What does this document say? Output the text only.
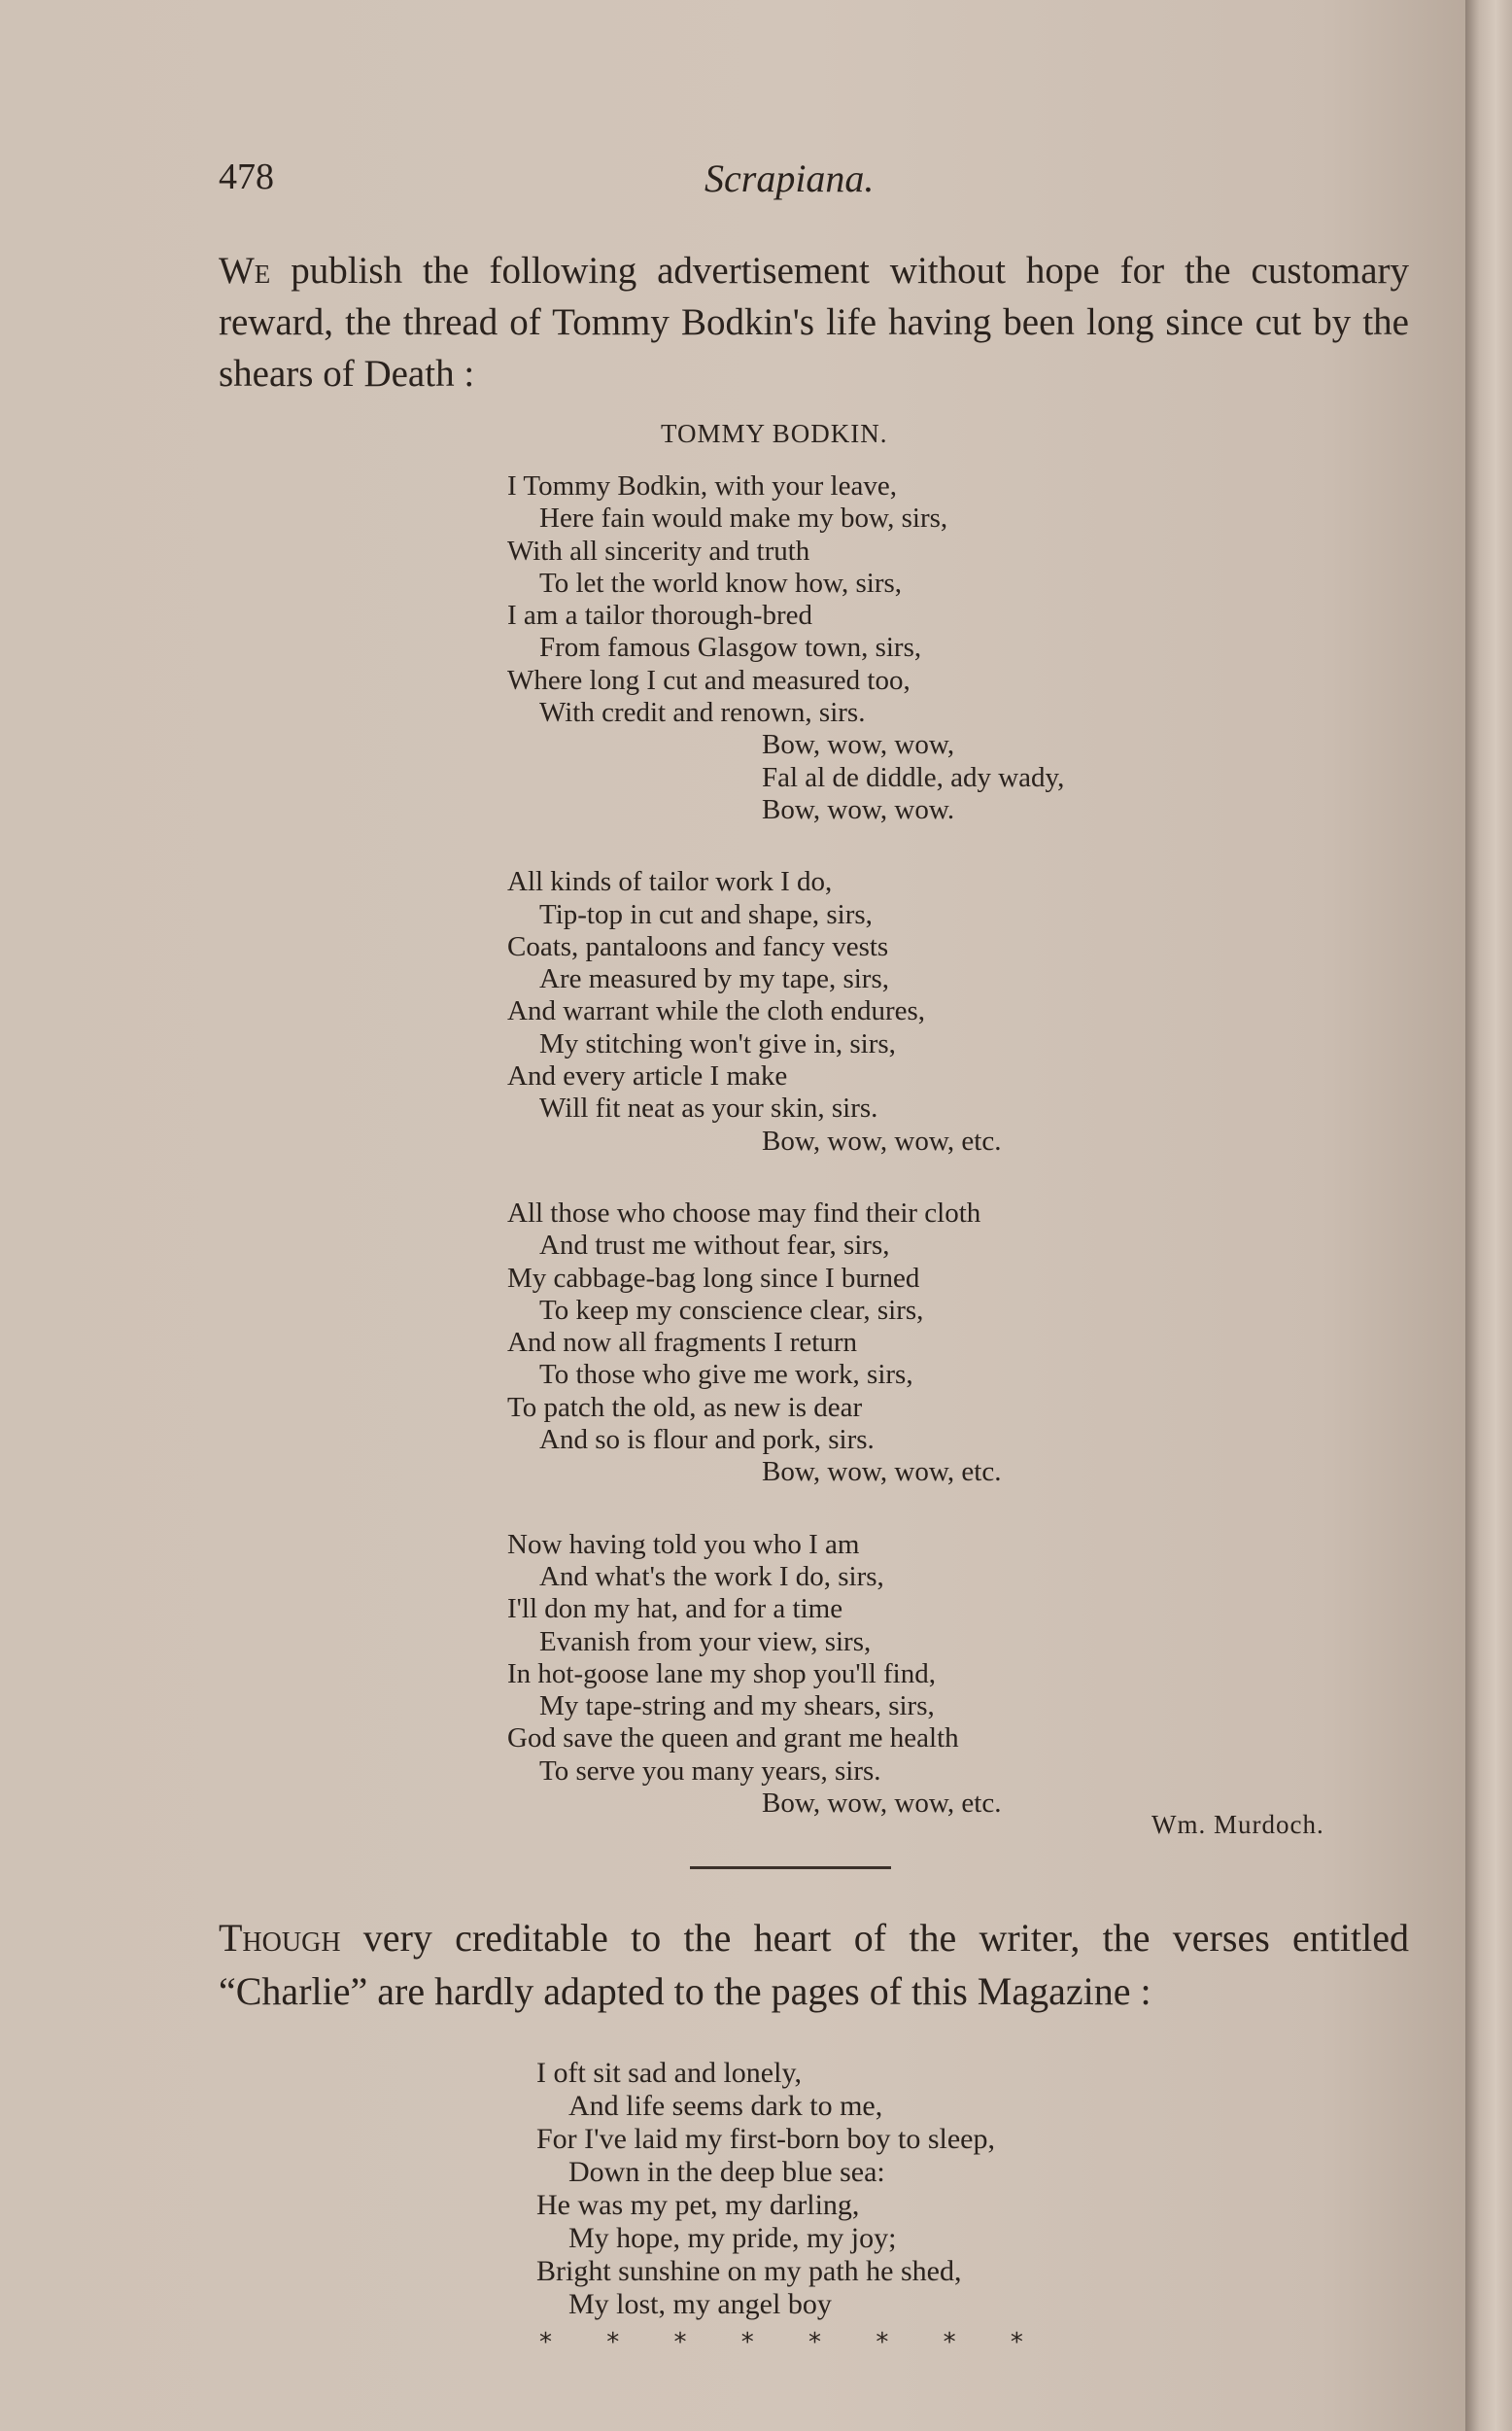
478	Scrapiana.
We publish the following advertisement without hope for the customary reward, the thread of Tommy Bodkin's life having been long since cut by the shears of Death :
TOMMY BODKIN.
I Tommy Bodkin, with your leave,
Here fain would make my bow, sirs,
With all sincerity and truth
To let the world know how, sirs,
I am a tailor thorough-bred
From famous Glasgow town, sirs,
Where long I cut and measured too,
With credit and renown, sirs.
Bow, wow, wow,
Fal al de diddle, ady wady,
Bow, wow, wow.
All kinds of tailor work I do,
Tip-top in cut and shape, sirs,
Coats, pantaloons and fancy vests
Are measured by my tape, sirs,
And warrant while the cloth endures,
My stitching won't give in, sirs,
And every article I make
Will fit neat as your skin, sirs.
Bow, wow, wow, etc.
All those who choose may find their cloth
And trust me without fear, sirs,
My cabbage-bag long since I burned
To keep my conscience clear, sirs,
And now all fragments I return
To those who give me work, sirs,
To patch the old, as new is dear
And so is flour and pork, sirs.
Bow, wow, wow, etc.
Now having told you who I am
And what's the work I do, sirs,
I'll don my hat, and for a time
Evanish from your view, sirs,
In hot-goose lane my shop you'll find,
My tape-string and my shears, sirs,
God save the queen and grant me health
To serve you many years, sirs.
Bow, wow, wow, etc.
Wm. Murdoch.
Though very creditable to the heart of the writer, the verses entitled “Charlie” are hardly adapted to the pages of this Magazine :
I oft sit sad and lonely,
And life seems dark to me,
For I've laid my first-born boy to sleep,
Down in the deep blue sea:
He was my pet, my darling,
My hope, my pride, my joy;
Bright sunshine on my path he shed,
My lost, my angel boy
* * * * * * * *
